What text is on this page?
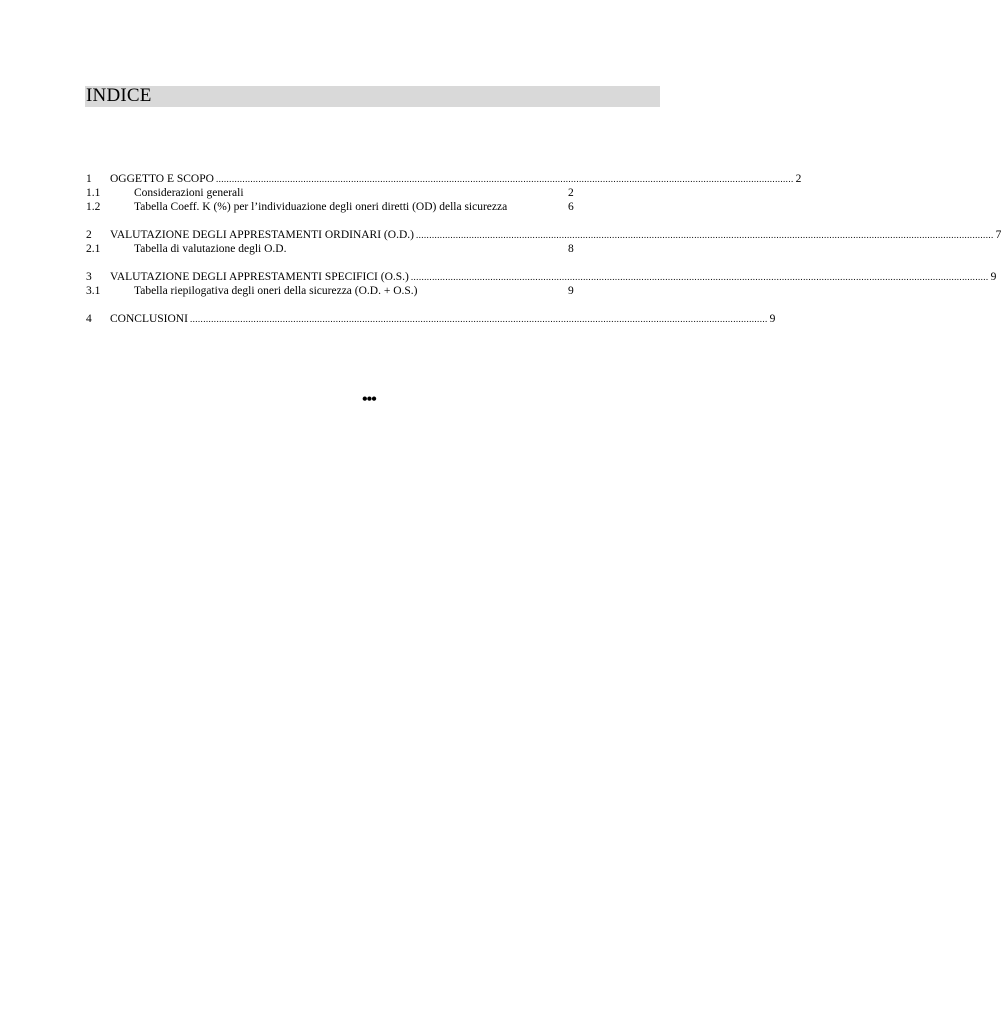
INDICE
1 OGGETTO E SCOPO .......................................................................................................................................................................................................................... 2
1.1	Considerazioni generali	2
1.2	Tabella Coeff. K (%) per l’individuazione degli oneri diretti (OD) della sicurezza	6
2 VALUTAZIONE DEGLI APPRESTAMENTI ORDINARI (O.D.) .......................................................................................................................................................................................................................... 7
2.1	Tabella di valutazione degli O.D.	8
3 VALUTAZIONE DEGLI APPRESTAMENTI SPECIFICI (O.S.) .......................................................................................................................................................................................................................... 9
3.1	Tabella riepilogativa degli oneri della sicurezza (O.D. + O.S.)	9
4 CONCLUSIONI .......................................................................................................................................................................................................................... 9
•••
